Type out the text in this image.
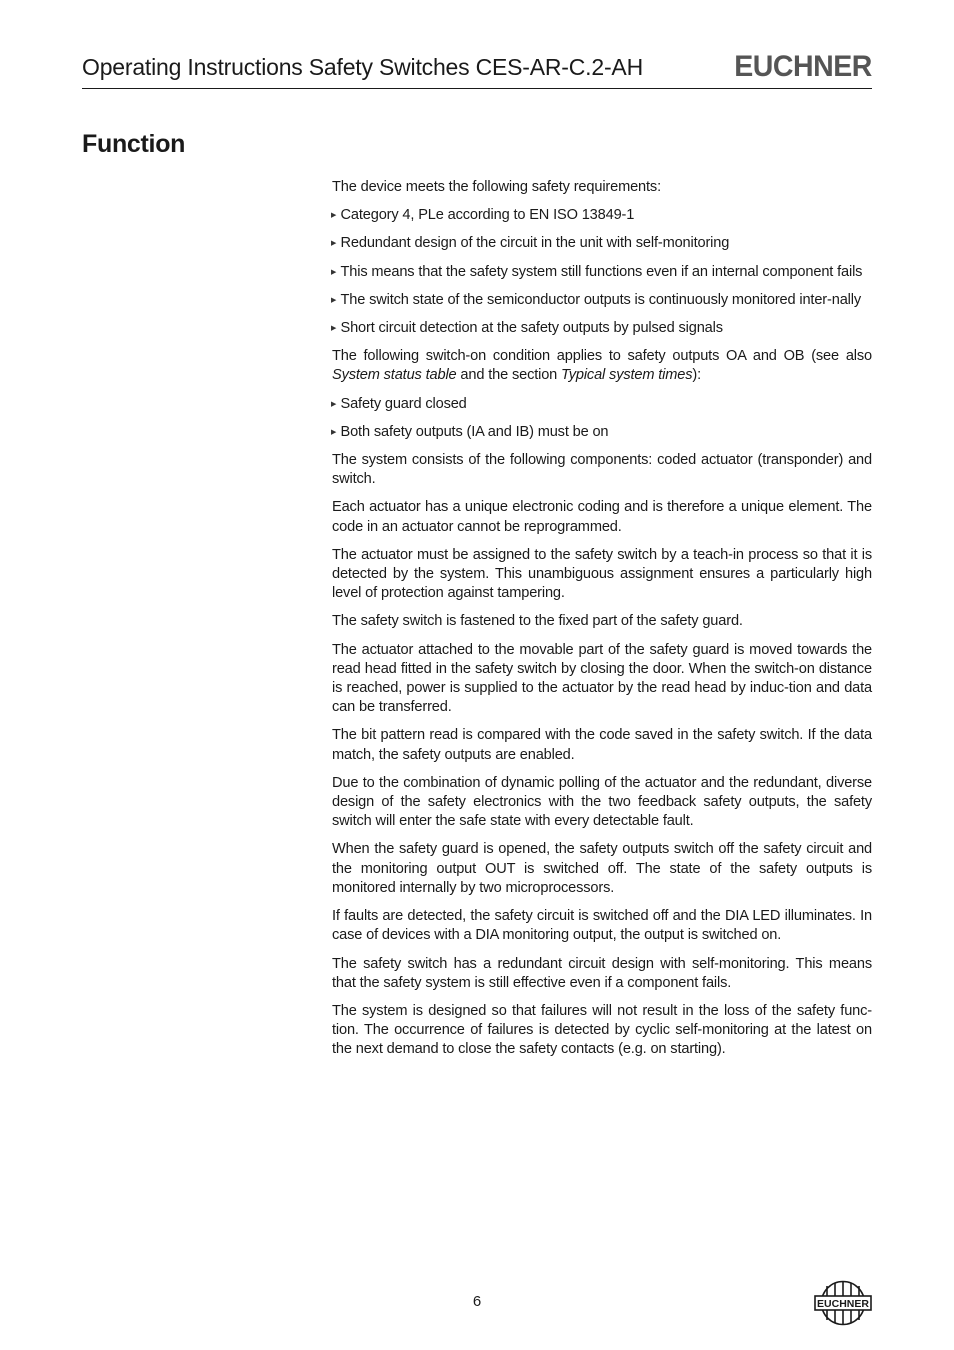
Operating Instructions Safety Switches CES-AR-C.2-AH	EUCHNER
Function

The device meets the following safety requirements:

▶ Category 4, PLe according to EN ISO 13849-1
▶ Redundant design of the circuit in the unit with self-monitoring
▶ This means that the safety system still functions even if an internal component fails
▶ The switch state of the semiconductor outputs is continuously monitored inter-nally
▶ Short circuit detection at the safety outputs by pulsed signals

The following switch-on condition applies to safety outputs OA and OB (see also System status table and the section Typical system times):

▶ Safety guard closed
▶ Both safety outputs (IA and IB) must be on

The system consists of the following components: coded actuator (transponder) and switch.

Each actuator has a unique electronic coding and is therefore a unique element. The code in an actuator cannot be reprogrammed.

The actuator must be assigned to the safety switch by a teach-in process so that it is detected by the system. This unambiguous assignment ensures a particularly high level of protection against tampering.

The safety switch is fastened to the fixed part of the safety guard.

The actuator attached to the movable part of the safety guard is moved towards the read head fitted in the safety switch by closing the door. When the switch-on distance is reached, power is supplied to the actuator by the read head by induc-tion and data can be transferred.

The bit pattern read is compared with the code saved in the safety switch. If the data match, the safety outputs are enabled.

Due to the combination of dynamic polling of the actuator and the redundant, diverse design of the safety electronics with the two feedback safety outputs, the safety switch will enter the safe state with every detectable fault.

When the safety guard is opened, the safety outputs switch off the safety circuit and the monitoring output OUT is switched off. The state of the safety outputs is monitored internally by two microprocessors.

If faults are detected, the safety circuit is switched off and the DIA LED illuminates. In case of devices with a DIA monitoring output, the output is switched on.

The safety switch has a redundant circuit design with self-monitoring. This means that the safety system is still effective even if a component fails.

The system is designed so that failures will not result in the loss of the safety func-tion. The occurrence of failures is detected by cyclic self-monitoring at the latest on the next demand to close the safety contacts (e.g. on starting).

6	EUCHNER
